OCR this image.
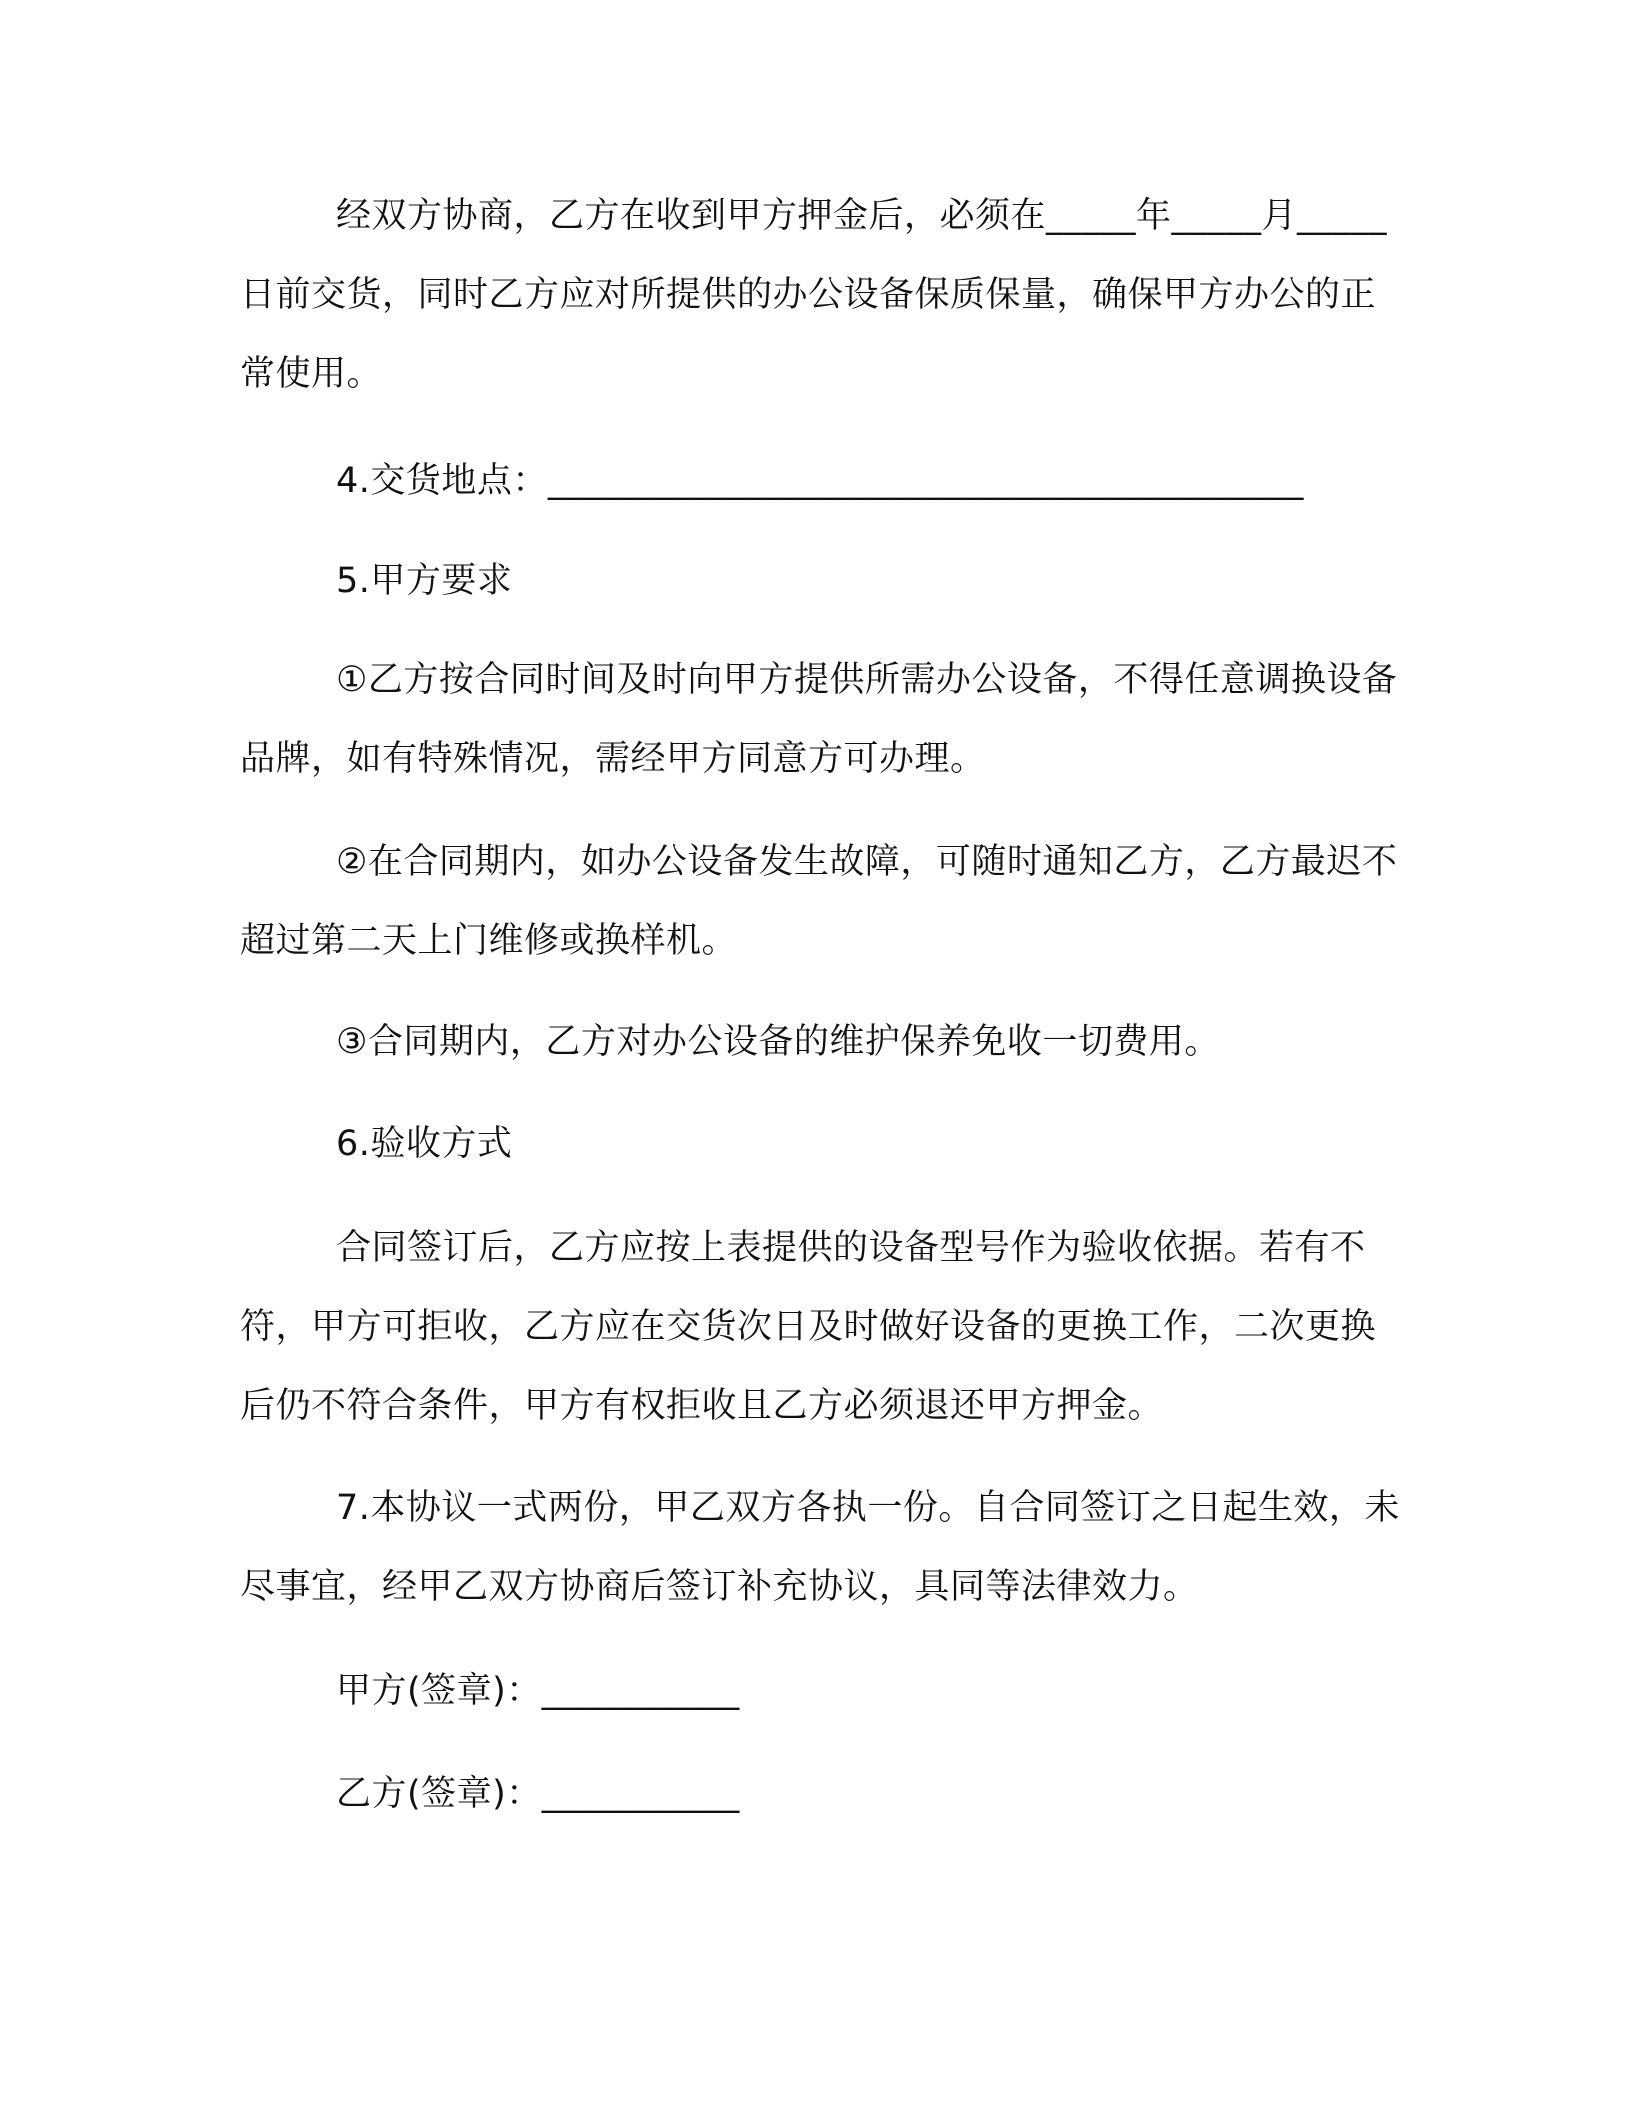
经双方协商，乙方在收到甲方押金后，必须在_____年_____月_____日前交货，同时乙方应对所提供的办公设备保质保量，确保甲方办公的正常使用。

4.交货地点：__________________________________________

5.甲方要求

①乙方按合同时间及时向甲方提供所需办公设备，不得任意调换设备品牌，如有特殊情况，需经甲方同意方可办理。

②在合同期内，如办公设备发生故障，可随时通知乙方，乙方最迟不超过第二天上门维修或换样机。

③合同期内，乙方对办公设备的维护保养免收一切费用。

6.验收方式

合同签订后，乙方应按上表提供的设备型号作为验收依据。若有不符，甲方可拒收，乙方应在交货次日及时做好设备的更换工作，二次更换后仍不符合条件，甲方有权拒收且乙方必须退还甲方押金。

7.本协议一式两份，甲乙双方各执一份。自合同签订之日起生效，未尽事宜，经甲乙双方协商后签订补充协议，具同等法律效力。

甲方(签章)：___________

乙方(签章)：___________
